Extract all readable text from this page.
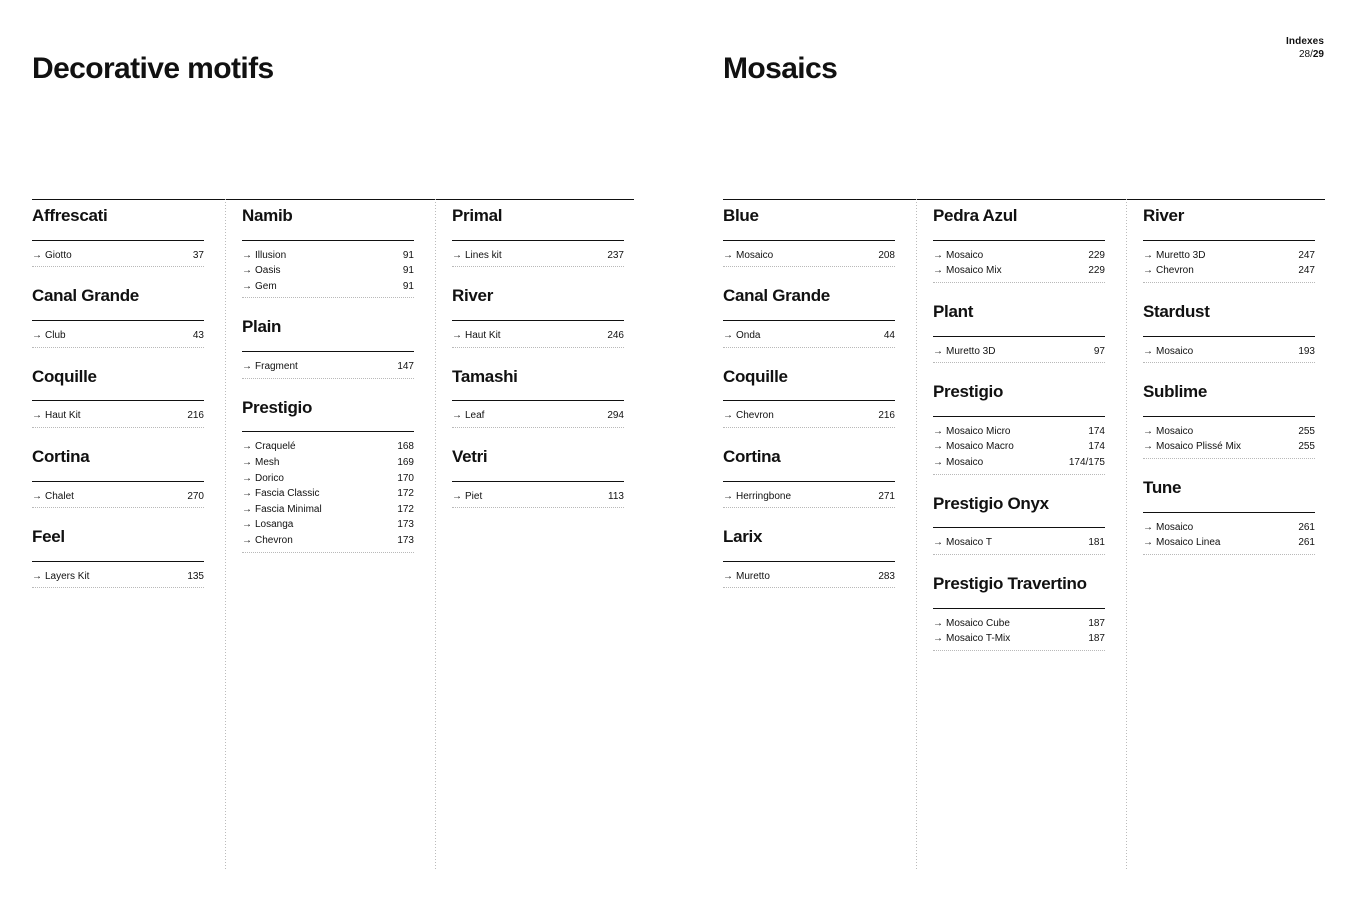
Decorative motifs	Mosaics
Indexes
28/29
Affrescati
→ Giotto	37
Canal Grande
→ Club	43
Coquille
→ Haut Kit	216
Cortina
→ Chalet	270
Feel
→ Layers Kit	135
Namib
→ Illusion	91
→ Oasis	91
→ Gem	91
Plain
→ Fragment	147
Prestigio
→ Craquelé	168
→ Mesh	169
→ Dorico	170
→ Fascia Classic	172
→ Fascia Minimal	172
→ Losanga	173
→ Chevron	173
Primal
→ Lines kit	237
River
→ Haut Kit	246
Tamashi
→ Leaf	294
Vetri
→ Piet	113
Blue
→ Mosaico	208
Canal Grande
→ Onda	44
Coquille
→ Chevron	216
Cortina
→ Herringbone	271
Larix
→ Muretto	283
Pedra Azul
→ Mosaico	229
→ Mosaico Mix	229
Plant
→ Muretto 3D	97
Prestigio
→ Mosaico Micro	174
→ Mosaico Macro	174
→ Mosaico	174/175
Prestigio Onyx
→ Mosaico T	181
Prestigio Travertino
→ Mosaico Cube	187
→ Mosaico T-Mix	187
River
→ Muretto 3D	247
→ Chevron	247
Stardust
→ Mosaico	193
Sublime
→ Mosaico	255
→ Mosaico Plissé Mix	255
Tune
→ Mosaico	261
→ Mosaico Linea	261
